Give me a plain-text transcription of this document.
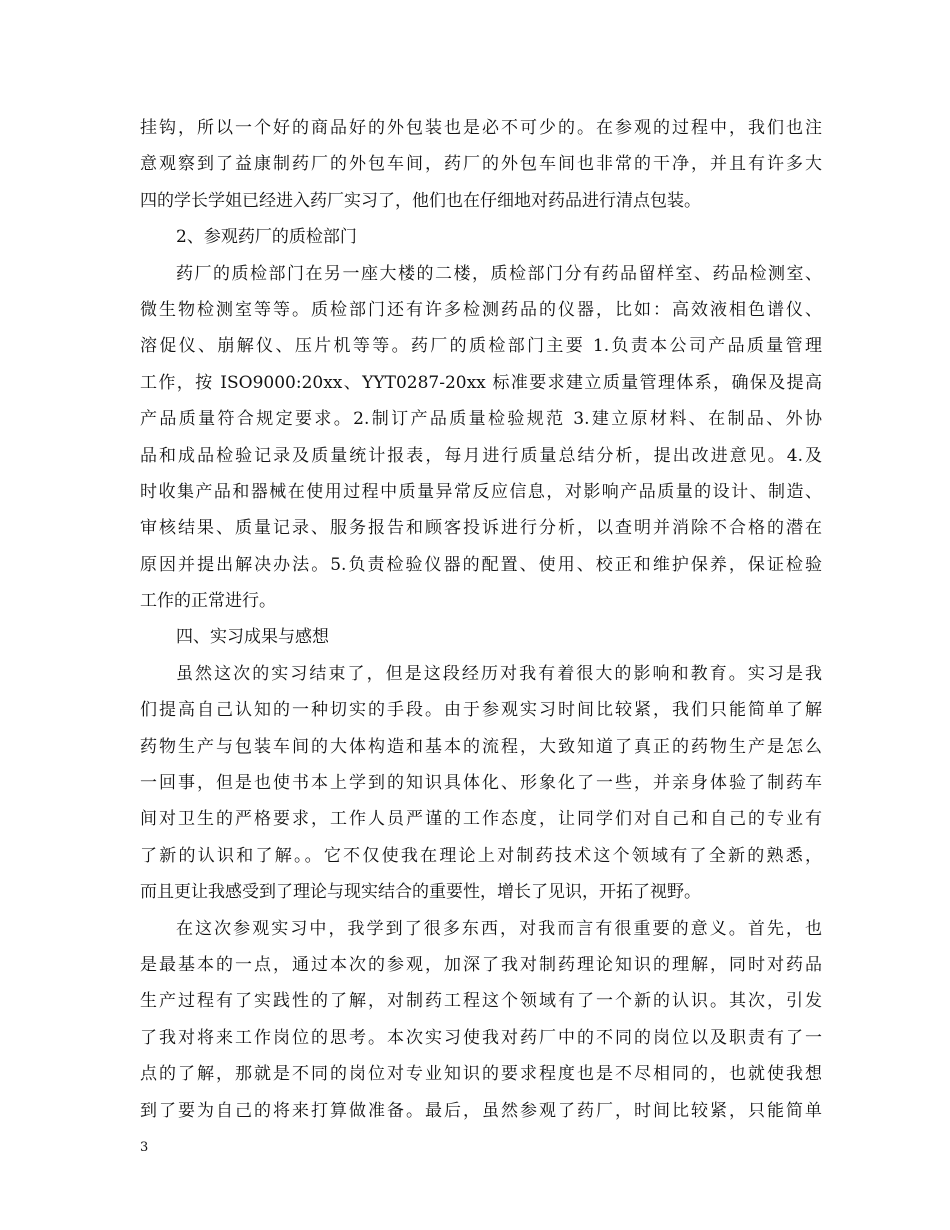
挂钩，所以一个好的商品好的外包装也是必不可少的。在参观的过程中，我们也注
意观察到了益康制药厂的外包车间，药厂的外包车间也非常的干净，并且有许多大
四的学长学姐已经进入药厂实习了，他们也在仔细地对药品进行清点包装。
2、参观药厂的质检部门
药厂的质检部门在另一座大楼的二楼，质检部门分有药品留样室、药品检测室、
微生物检测室等等。质检部门还有许多检测药品的仪器，比如：高效液相色谱仪、
溶促仪、崩解仪、压片机等等。药厂的质检部门主要 1.负责本公司产品质量管理
工作，按 ISO9000:20xx、YYT0287-20xx 标准要求建立质量管理体系，确保及提高
产品质量符合规定要求。2.制订产品质量检验规范 3.建立原材料、在制品、外协
品和成品检验记录及质量统计报表，每月进行质量总结分析，提出改进意见。4.及
时收集产品和器械在使用过程中质量异常反应信息，对影响产品质量的设计、制造、
审核结果、质量记录、服务报告和顾客投诉进行分析，以查明并消除不合格的潜在
原因并提出解决办法。5.负责检验仪器的配置、使用、校正和维护保养，保证检验
工作的正常进行。
四、实习成果与感想
虽然这次的实习结束了，但是这段经历对我有着很大的影响和教育。实习是我
们提高自己认知的一种切实的手段。由于参观实习时间比较紧，我们只能简单了解
药物生产与包装车间的大体构造和基本的流程，大致知道了真正的药物生产是怎么
一回事，但是也使书本上学到的知识具体化、形象化了一些，并亲身体验了制药车
间对卫生的严格要求，工作人员严谨的工作态度，让同学们对自己和自己的专业有
了新的认识和了解。。它不仅使我在理论上对制药技术这个领域有了全新的熟悉，
而且更让我感受到了理论与现实结合的重要性，增长了见识，开拓了视野。
在这次参观实习中，我学到了很多东西，对我而言有很重要的意义。首先，也
是最基本的一点，通过本次的参观，加深了我对制药理论知识的理解，同时对药品
生产过程有了实践性的了解，对制药工程这个领域有了一个新的认识。其次，引发
了我对将来工作岗位的思考。本次实习使我对药厂中的不同的岗位以及职责有了一
点的了解，那就是不同的岗位对专业知识的要求程度也是不尽相同的，也就使我想
到了要为自己的将来打算做准备。最后，虽然参观了药厂，时间比较紧，只能简单
3
